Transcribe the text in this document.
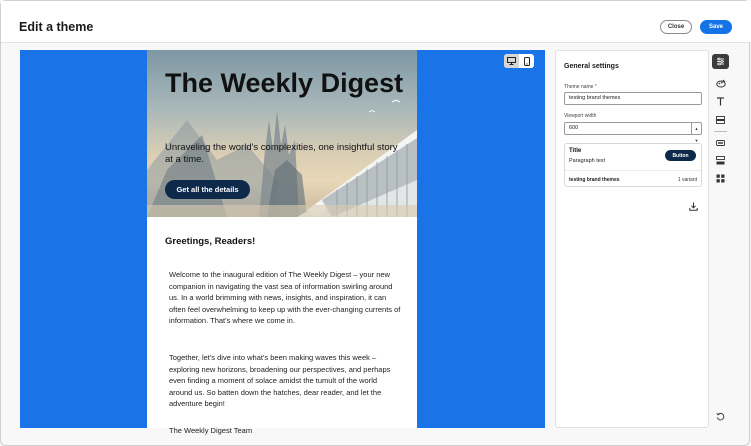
Edit a theme	Close	Save
The Weekly Digest
Unraveling the world's complexities, one insightful story at a time.
Get all the details
Greetings, Readers!
Welcome to the inaugural edition of The Weekly Digest – your new companion in navigating the vast sea of information swirling around us. In a world brimming with news, insights, and inspiration, it can often feel overwhelming to keep up with the ever-changing currents of information. That's where we come in.
Together, let's dive into what's been making waves this week – exploring new horizons, broadening our perspectives, and perhaps even finding a moment of solace amidst the tumult of the world around us. So batten down the hatches, dear reader, and let the adventure begin!
The Weekly Digest Team
General settings
Theme name *
testing brand themes
Viewport width
600	▲
▼
Title
Paragraph text
Button
testing brand themes	1 variant
